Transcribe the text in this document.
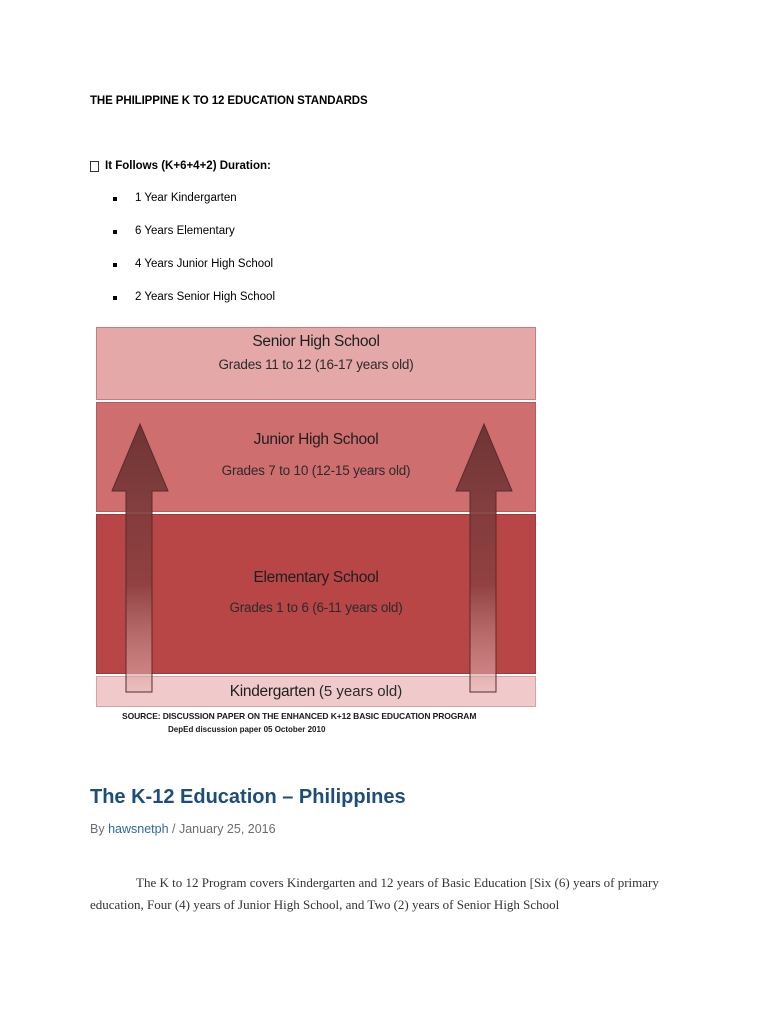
THE PHILIPPINE K TO 12 EDUCATION STANDARDS
It Follows (K+6+4+2) Duration:
1 Year Kindergarten
6 Years Elementary
4 Years Junior High School
2 Years Senior High School
Senior High School
Grades 11 to 12 (16-17 years old)
Junior High School
Grades 7 to 10 (12-15 years old)
Elementary School
Grades 1 to 6 (6-11 years old)
Kindergarten (5 years old)
SOURCE: DISCUSSION PAPER ON THE ENHANCED K+12 BASIC EDUCATION PROGRAM
DepEd discussion paper 05 October 2010
The K-12 Education – Philippines
By hawsnetph / January 25, 2016
The K to 12 Program covers Kindergarten and 12 years of Basic Education [Six (6) years of primary education, Four (4) years of Junior High School, and Two (2) years of Senior High School
